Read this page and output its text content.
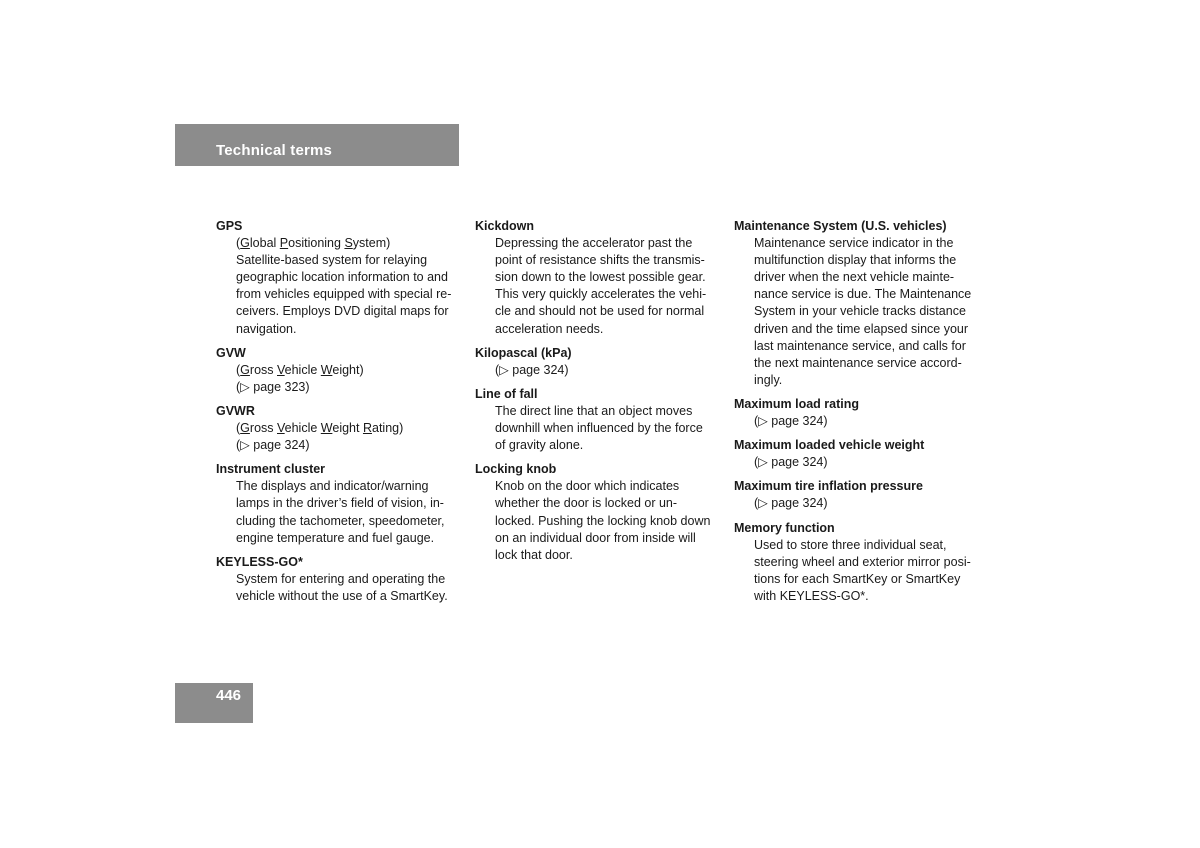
Technical terms
GPS
(Global Positioning System)
Satellite-based system for relaying
geographic location information to and
from vehicles equipped with special re-
ceivers. Employs DVD digital maps for
navigation.
GVW
(Gross Vehicle Weight)
(▷ page 323)
GVWR
(Gross Vehicle Weight Rating)
(▷ page 324)
Instrument cluster
The displays and indicator/warning
lamps in the driver’s field of vision, in-
cluding the tachometer, speedometer,
engine temperature and fuel gauge.
KEYLESS-GO*
System for entering and operating the
vehicle without the use of a SmartKey.
Kickdown
Depressing the accelerator past the
point of resistance shifts the transmis-
sion down to the lowest possible gear.
This very quickly accelerates the vehi-
cle and should not be used for normal
acceleration needs.
Kilopascal (kPa)
(▷ page 324)
Line of fall
The direct line that an object moves
downhill when influenced by the force
of gravity alone.
Locking knob
Knob on the door which indicates
whether the door is locked or un-
locked. Pushing the locking knob down
on an individual door from inside will
lock that door.
Maintenance System (U.S. vehicles)
Maintenance service indicator in the
multifunction display that informs the
driver when the next vehicle mainte-
nance service is due. The Maintenance
System in your vehicle tracks distance
driven and the time elapsed since your
last maintenance service, and calls for
the next maintenance service accord-
ingly.
Maximum load rating
(▷ page 324)
Maximum loaded vehicle weight
(▷ page 324)
Maximum tire inflation pressure
(▷ page 324)
Memory function
Used to store three individual seat,
steering wheel and exterior mirror posi-
tions for each SmartKey or SmartKey
with KEYLESS-GO*.
446
